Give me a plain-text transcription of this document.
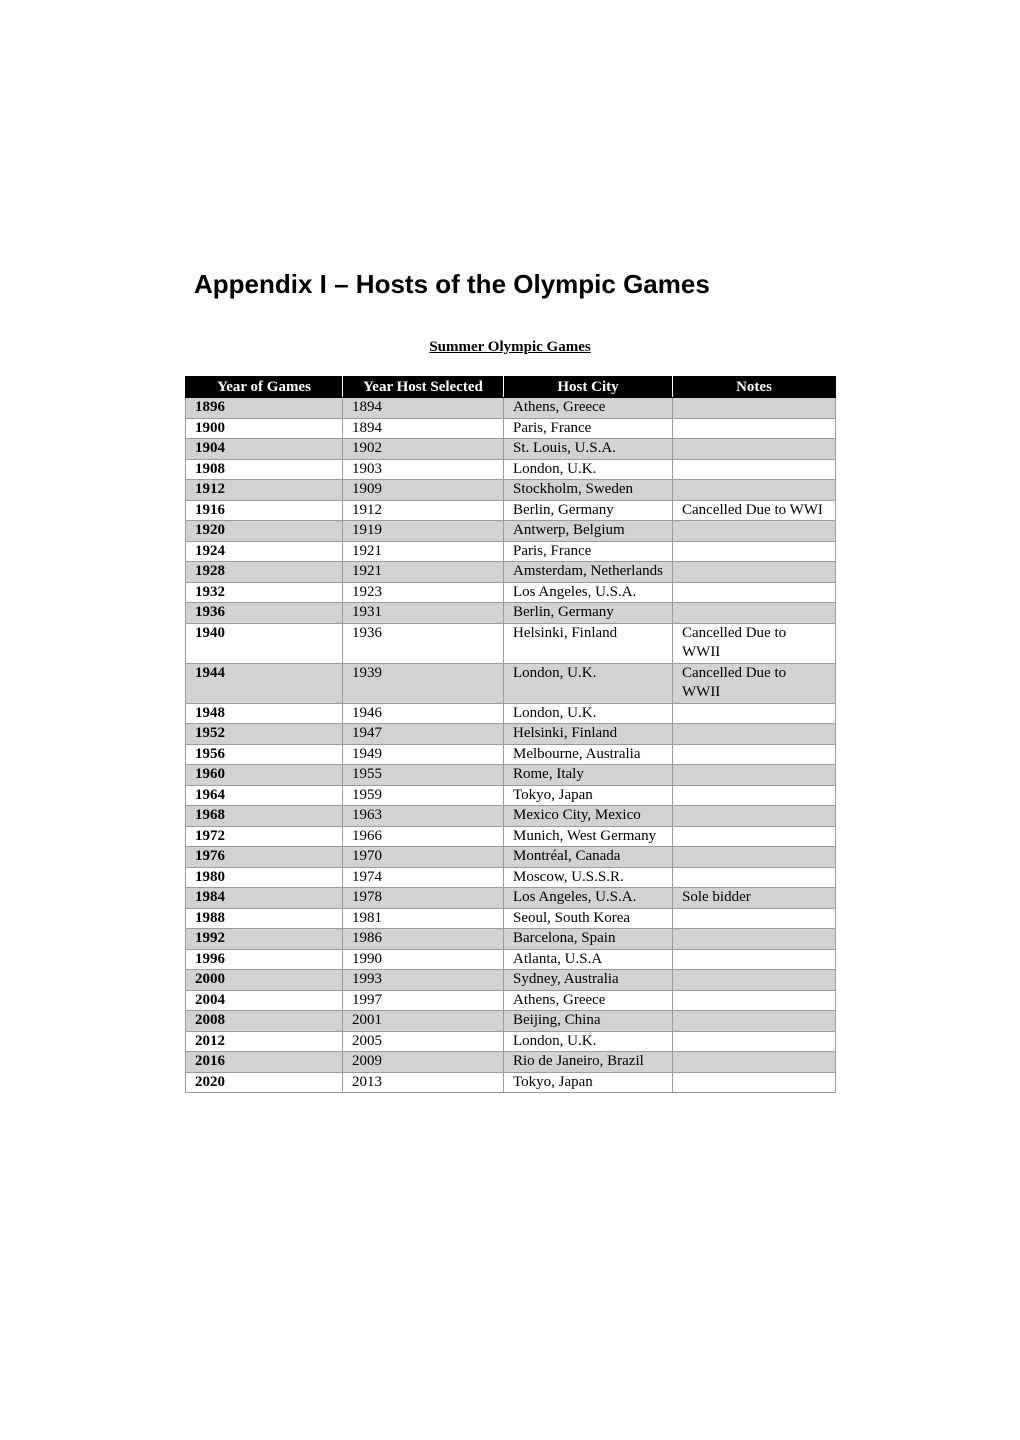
Appendix I – Hosts of the Olympic Games
Summer Olympic Games
Year of Games	Year Host Selected	Host City	Notes
1896	1894	Athens, Greece	
1900	1894	Paris, France	
1904	1902	St. Louis, U.S.A.	
1908	1903	London, U.K.	
1912	1909	Stockholm, Sweden	
1916	1912	Berlin, Germany	Cancelled Due to WWI
1920	1919	Antwerp, Belgium	
1924	1921	Paris, France	
1928	1921	Amsterdam, Netherlands	
1932	1923	Los Angeles, U.S.A.	
1936	1931	Berlin, Germany	
1940	1936	Helsinki, Finland	Cancelled Due to WWII
1944	1939	London, U.K.	Cancelled Due to WWII
1948	1946	London, U.K.	
1952	1947	Helsinki, Finland	
1956	1949	Melbourne, Australia	
1960	1955	Rome, Italy	
1964	1959	Tokyo, Japan	
1968	1963	Mexico City, Mexico	
1972	1966	Munich, West Germany	
1976	1970	Montréal, Canada	
1980	1974	Moscow, U.S.S.R.	
1984	1978	Los Angeles, U.S.A.	Sole bidder
1988	1981	Seoul, South Korea	
1992	1986	Barcelona, Spain	
1996	1990	Atlanta, U.S.A	
2000	1993	Sydney, Australia	
2004	1997	Athens, Greece	
2008	2001	Beijing, China	
2012	2005	London, U.K.	
2016	2009	Rio de Janeiro, Brazil	
2020	2013	Tokyo, Japan	
